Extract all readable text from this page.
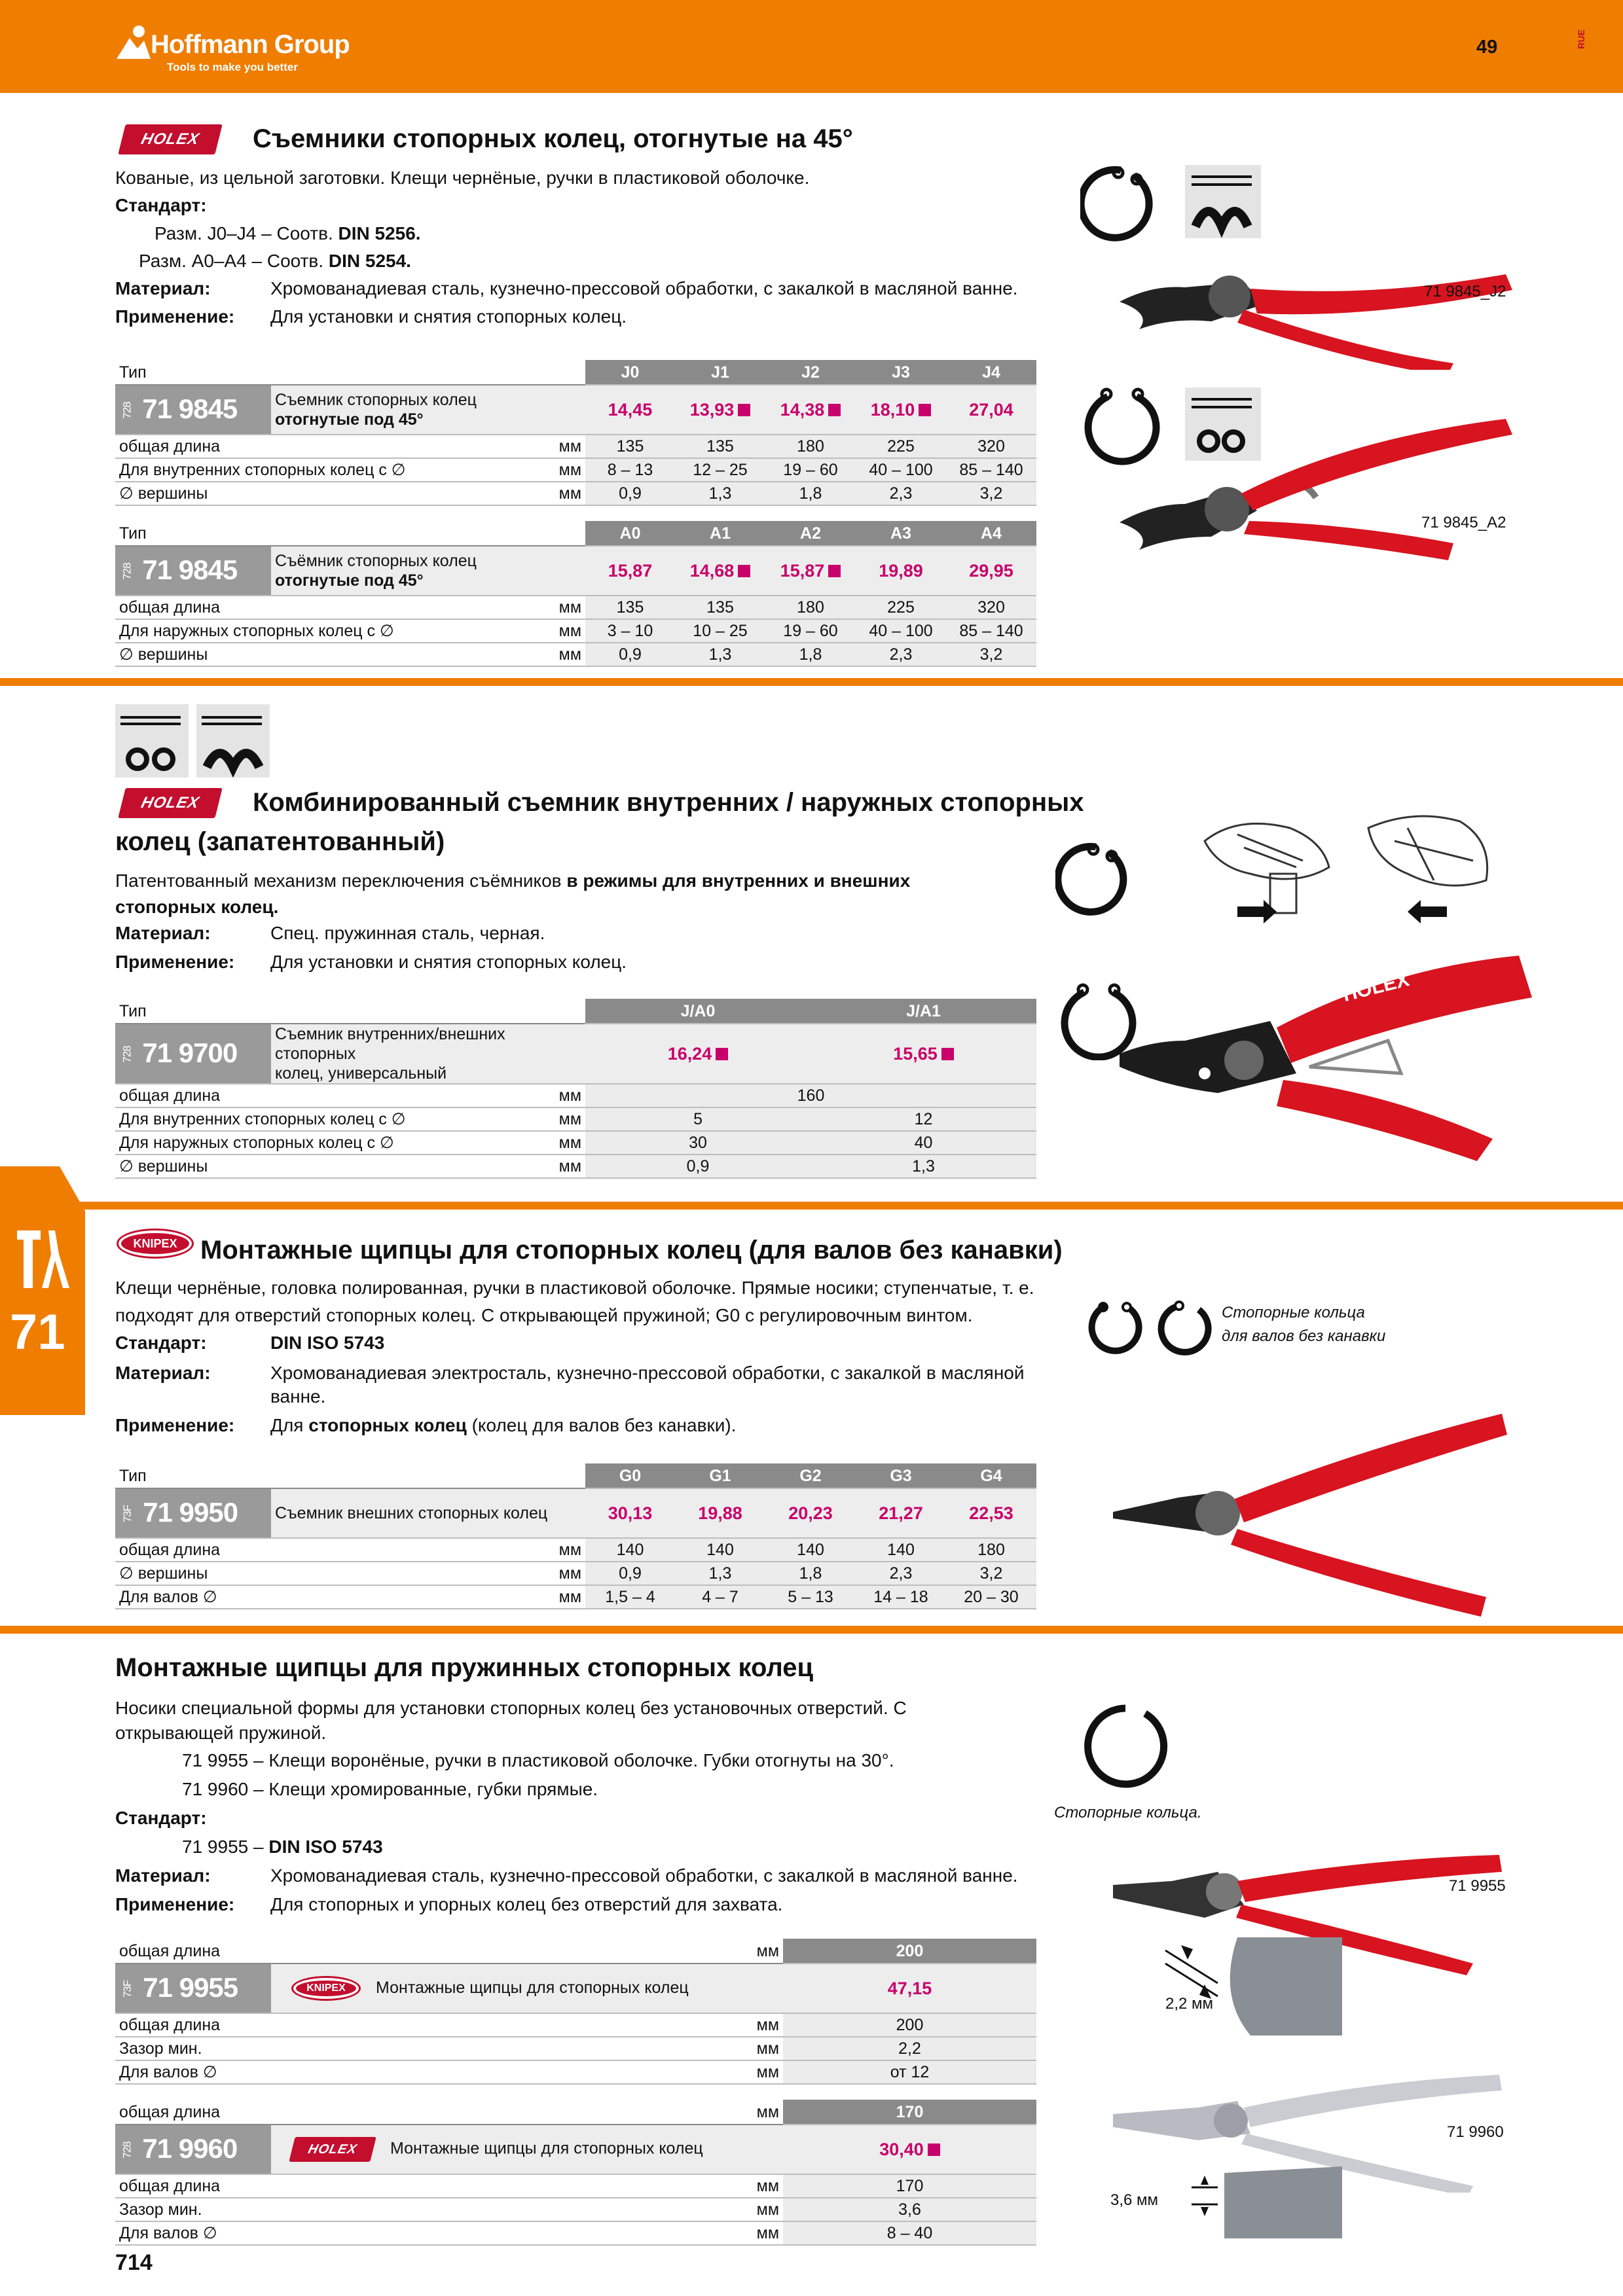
Hoffmann Group
Tools to make you better
49	RUE
71
HOLEX	Съемники стопорных колец, отогнутые на 45°
Кованые, из цельной заготовки. Клещи чернёные, ручки в пластиковой оболочке.
Стандарт:
Разм. J0–J4 – Соотв. DIN 5256.
Разм. A0–A4 – Соотв. DIN 5254.
Материал:	Хромованадиевая сталь, кузнечно-прессовой обработки, с закалкой в масляной ванне.
Применение: Для установки и снятия стопорных колец.
Тип			J0	J1	J2	J3	J4
728 71 9845	Съемник стопорных колец
отогнутые под 45°		14,45	13,93	14,38	18,10	27,04
общая длина		мм	135	135	180	225	320
Для внутренних стопорных колец с ∅		мм	8 – 13	12 – 25	19 – 60	40 – 100	85 – 140
∅ вершины		мм	0,9	1,3	1,8	2,3	3,2
Тип			A0	A1	A2	A3	A4
728 71 9845	Съёмник стопорных колец
отогнутые под 45°		15,87	14,68	15,87	19,89	29,95
общая длина		мм	135	135	180	225	320
Для наружных стопорных колец с ∅		мм	3 – 10	10 – 25	19 – 60	40 – 100	85 – 140
∅ вершины		мм	0,9	1,3	1,8	2,3	3,2
71 9845_J2
71 9845_A2
HOLEX	Комбинированный съемник внутренних / наружных стопорных
колец (запатентованный)
Патентованный механизм переключения съёмников в режимы для внутренних и внешних
стопорных колец.
Материал:	Спец. пружинная сталь, черная.
Применение: Для установки и снятия стопорных колец.
Тип			J/A0	J/A1
728 71 9700	Съемник внутренних/внешних стопорных
колец, универсальный		16,24	15,65
общая длина		мм	160	
Для внутренних стопорных колец с ∅		мм	5	12
Для наружных стопорных колец с ∅		мм	30	40
∅ вершины		мм	0,9	1,3
HOLEX
KNIPEX Монтажные щипцы для стопорных колец (для валов без канавки)
Клещи чернёные, головка полированная, ручки в пластиковой оболочке. Прямые носики; ступенчатые, т. е.
подходят для отверстий стопорных колец. С открывающей пружиной; G0 с регулировочным винтом.
Стандарт:	DIN ISO 5743
Материал:	Хромованадиевая электросталь, кузнечно-прессовой обработки, с закалкой в масляной
ванне.
Применение: Для стопорных колец (колец для валов без канавки).
Тип			G0	G1	G2	G3	G4
73F 71 9950	Съемник внешних стопорных колец		30,13	19,88	20,23	21,27	22,53
общая длина		мм	140	140	140	140	180
∅ вершины		мм	0,9	1,3	1,8	2,3	3,2
Для валов ∅		мм	1,5 – 4	4 – 7	5 – 13	14 – 18	20 – 30
Стопорные кольца
для валов без канавки
Монтажные щипцы для пружинных стопорных колец
Носики специальной формы для установки стопорных колец без установочных отверстий. С
открывающей пружиной.
71 9955 – Клещи воронёные, ручки в пластиковой оболочке. Губки отогнуты на 30°.
71 9960 – Клещи хромированные, губки прямые.
Стандарт:
71 9955 – DIN ISO 5743
Материал:	Хромованадиевая сталь, кузнечно-прессовой обработки, с закалкой в масляной ванне.
Применение: Для стопорных и упорных колец без отверстий для захвата.
общая длина		мм	200
73F 71 9955	KNIPEX Монтажные щипцы для стопорных колец		47,15
общая длина		мм	200
Зазор мин.		мм	2,2
Для валов ∅		мм	от 12
общая длина		мм	170
728 71 9960	HOLEX Монтажные щипцы для стопорных колец		30,40
общая длина		мм	170
Зазор мин.		мм	3,6
Для валов ∅		мм	8 – 40
Стопорные кольца.
71 9955
2,2 мм
71 9960
3,6 мм
714
